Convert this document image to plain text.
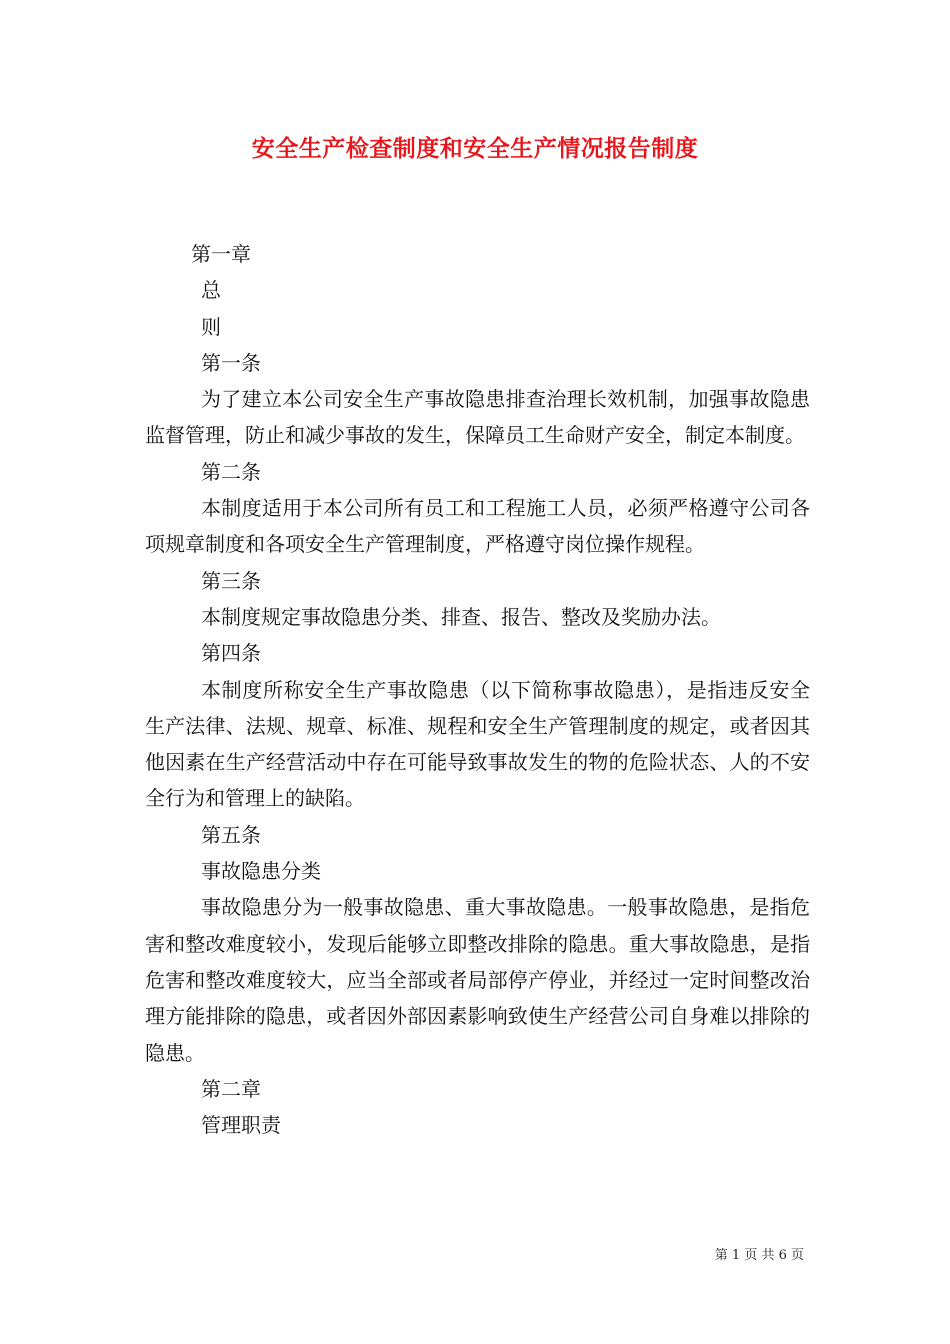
安全生产检查制度和安全生产情况报告制度

第一章

总

则

第一条

为了建立本公司安全生产事故隐患排查治理长效机制，加强事故隐患监督管理，防止和减少事故的发生，保障员工生命财产安全，制定本制度。

第二条

本制度适用于本公司所有员工和工程施工人员，必须严格遵守公司各项规章制度和各项安全生产管理制度，严格遵守岗位操作规程。

第三条

本制度规定事故隐患分类、排查、报告、整改及奖励办法。

第四条

本制度所称安全生产事故隐患（以下简称事故隐患），是指违反安全生产法律、法规、规章、标准、规程和安全生产管理制度的规定，或者因其他因素在生产经营活动中存在可能导致事故发生的物的危险状态、人的不安全行为和管理上的缺陷。

第五条

事故隐患分类

事故隐患分为一般事故隐患、重大事故隐患。一般事故隐患，是指危害和整改难度较小，发现后能够立即整改排除的隐患。重大事故隐患，是指危害和整改难度较大，应当全部或者局部停产停业，并经过一定时间整改治理方能排除的隐患，或者因外部因素影响致使生产经营公司自身难以排除的隐患。

第二章

管理职责

第 1 页 共 6 页
